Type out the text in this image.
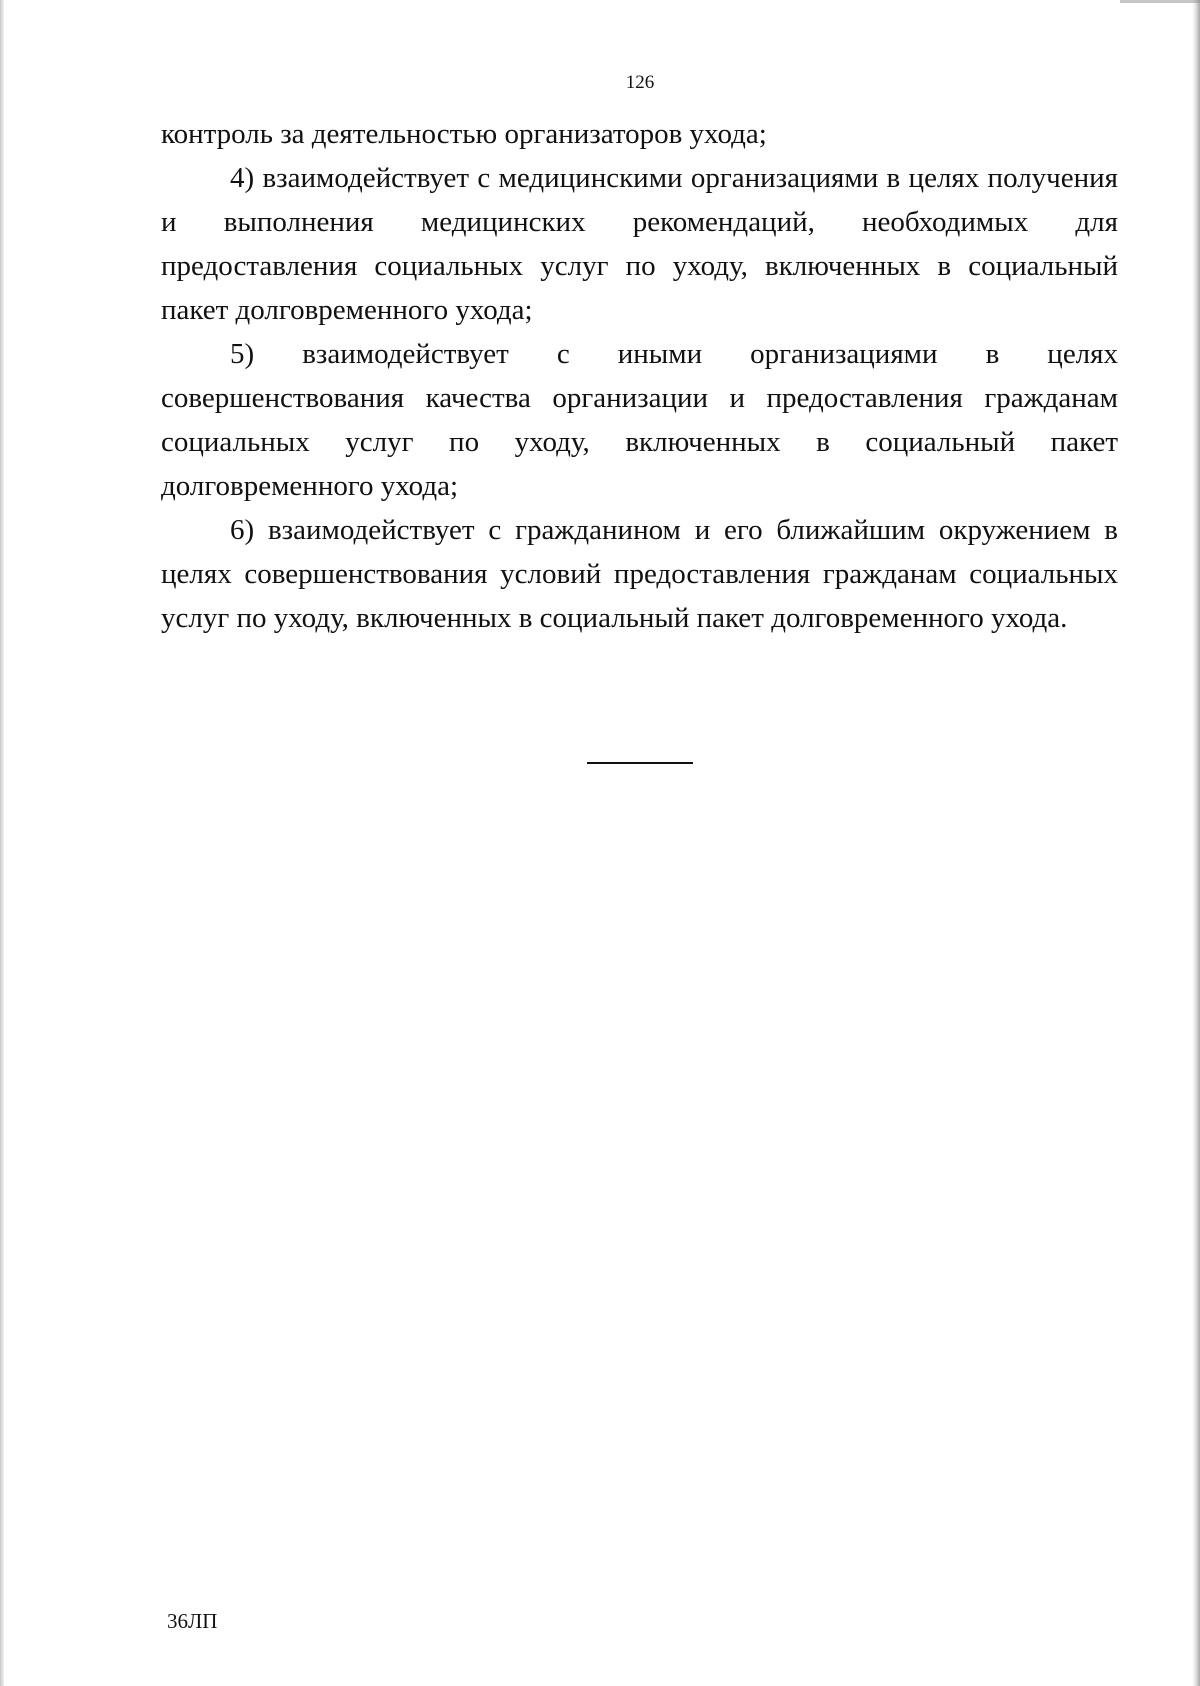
126

контроль за деятельностью организаторов ухода;

4) взаимодействует с медицинскими организациями в целях получения и выполнения медицинских рекомендаций, необходимых для предоставления социальных услуг по уходу, включенных в социальный пакет долговременного ухода;

5) взаимодействует с иными организациями в целях совершенствования качества организации и предоставления гражданам социальных услуг по уходу, включенных в социальный пакет долговременного ухода;

6) взаимодействует с гражданином и его ближайшим окружением в целях совершенствования условий предоставления гражданам социальных услуг по уходу, включенных в социальный пакет долговременного ухода.

36ЛП
